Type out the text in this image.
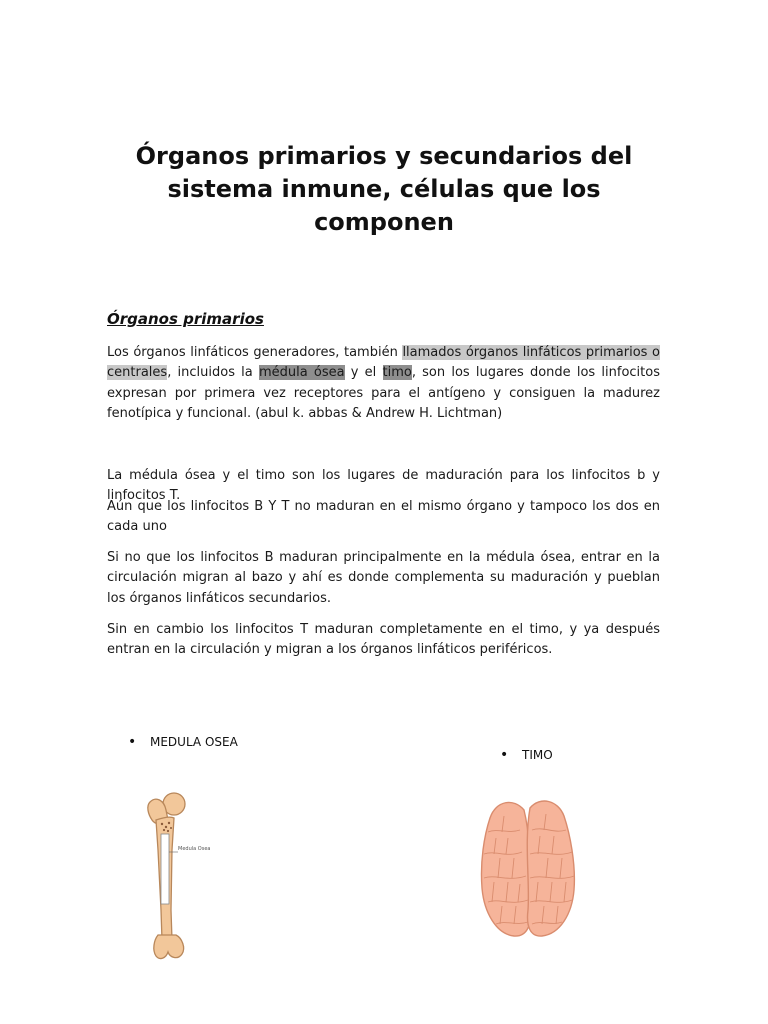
Órganos primarios y secundarios del sistema inmune, células que los componen
Órganos primarios

Los órganos linfáticos generadores, también llamados órganos linfáticos primarios o centrales, incluidos la médula ósea y el timo, son los lugares donde los linfocitos expresan por primera vez receptores para el antígeno y consiguen la madurez fenotípica y funcional. (abul k. abbas & Andrew H. Lichtman)

La médula ósea y el timo son los lugares de maduración para los linfocitos b y linfocitos T.

Aún que los linfocitos B Y T no maduran en el mismo órgano y tampoco los dos en cada uno

Si no que los linfocitos B maduran principalmente en la médula ósea, entrar en la circulación migran al bazo y ahí es donde complementa su maduración y pueblan los órganos linfáticos secundarios.

Sin en cambio los linfocitos T maduran completamente en el timo, y ya después entran en la circulación y migran a los órganos linfáticos periféricos.

•	MEDULA OSEA
•	TIMO
Medula Osea
